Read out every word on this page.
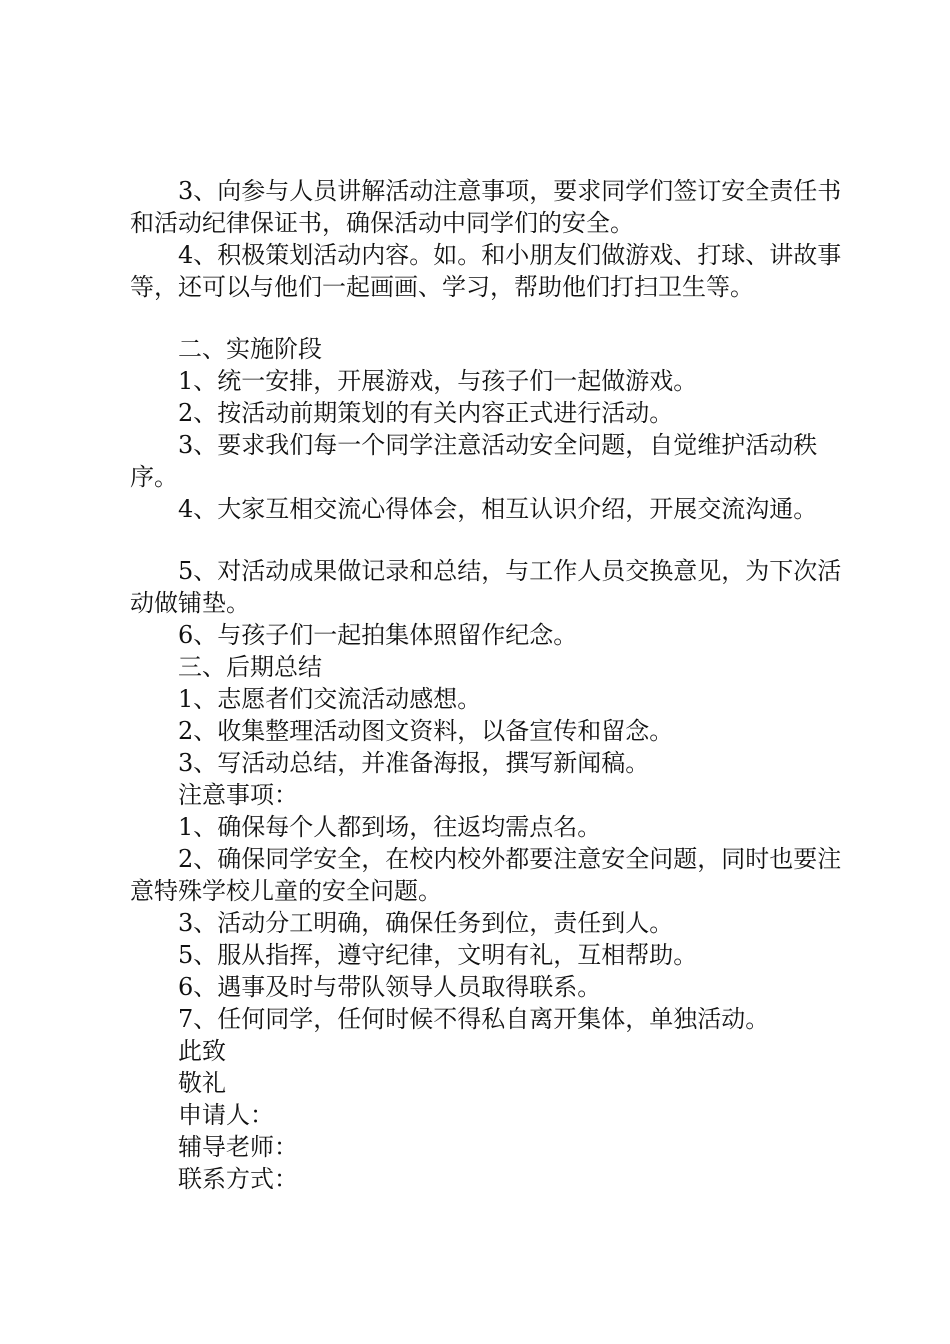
3、向参与人员讲解活动注意事项，要求同学们签订安全责任书和活动纪律保证书，确保活动中同学们的安全。

4、积极策划活动内容。如。和小朋友们做游戏、打球、讲故事等，还可以与他们一起画画、学习，帮助他们打扫卫生等。

二、实施阶段

1、统一安排，开展游戏，与孩子们一起做游戏。

2、按活动前期策划的有关内容正式进行活动。

3、要求我们每一个同学注意活动安全问题，自觉维护活动秩序。

4、大家互相交流心得体会，相互认识介绍，开展交流沟通。

5、对活动成果做记录和总结，与工作人员交换意见，为下次活动做铺垫。

6、与孩子们一起拍集体照留作纪念。

三、后期总结

1、志愿者们交流活动感想。

2、收集整理活动图文资料，以备宣传和留念。

3、写活动总结，并准备海报，撰写新闻稿。

注意事项：

1、确保每个人都到场，往返均需点名。

2、确保同学安全，在校内校外都要注意安全问题，同时也要注意特殊学校儿童的安全问题。

3、活动分工明确，确保任务到位，责任到人。

5、服从指挥，遵守纪律，文明有礼，互相帮助。

6、遇事及时与带队领导人员取得联系。

7、任何同学，任何时候不得私自离开集体，单独活动。

此致

敬礼

申请人：

辅导老师：

联系方式：
